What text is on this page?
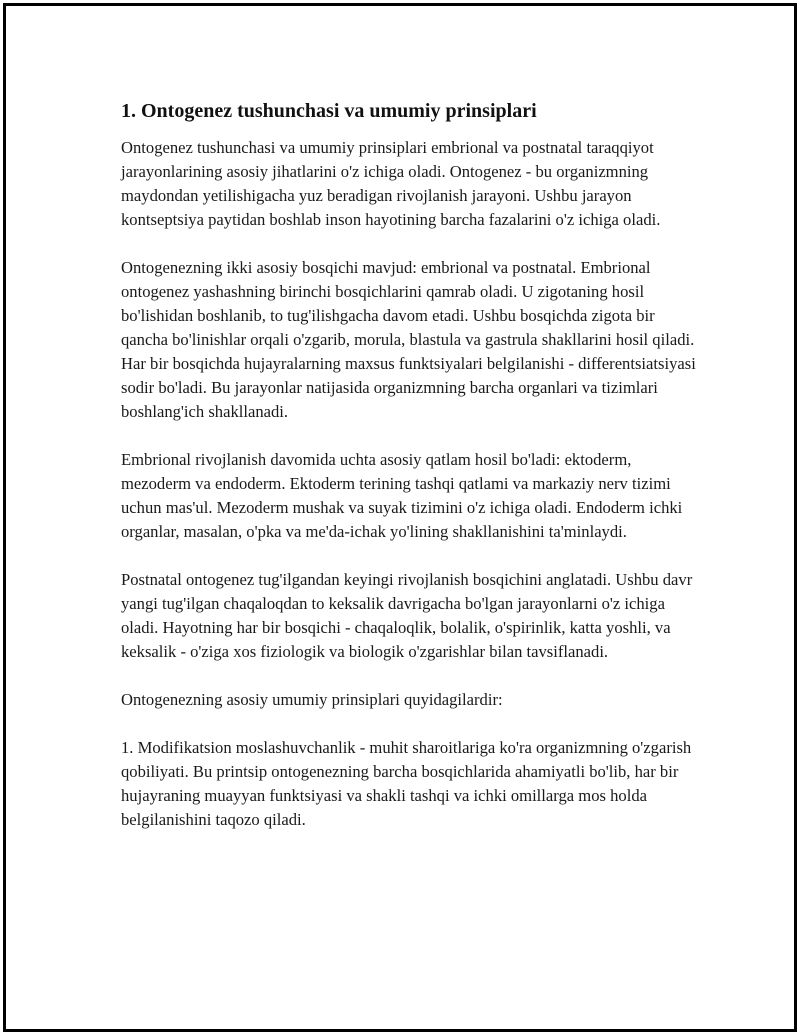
1. Ontogenez tushunchasi va umumiy prinsiplari

Ontogenez tushunchasi va umumiy prinsiplari embrional va postnatal taraqqiyot jarayonlarining asosiy jihatlarini o'z ichiga oladi. Ontogenez - bu organizmning maydondan yetilishigacha yuz beradigan rivojlanish jarayoni. Ushbu jarayon kontseptsiya paytidan boshlab inson hayotining barcha fazalarini o'z ichiga oladi.

Ontogenezning ikki asosiy bosqichi mavjud: embrional va postnatal. Embrional ontogenez yashashning birinchi bosqichlarini qamrab oladi. U zigotaning hosil bo'lishidan boshlanib, to tug'ilishgacha davom etadi. Ushbu bosqichda zigota bir qancha bo'linishlar orqali o'zgarib, morula, blastula va gastrula shakllarini hosil qiladi. Har bir bosqichda hujayralarning maxsus funktsiyalari belgilanishi - differentsiatsiyasi sodir bo'ladi. Bu jarayonlar natijasida organizmning barcha organlari va tizimlari boshlang'ich shakllanadi.

Embrional rivojlanish davomida uchta asosiy qatlam hosil bo'ladi: ektoderm, mezoderm va endoderm. Ektoderm terining tashqi qatlami va markaziy nerv tizimi uchun mas'ul. Mezoderm mushak va suyak tizimini o'z ichiga oladi. Endoderm ichki organlar, masalan, o'pka va me'da-ichak yo'lining shakllanishini ta'minlaydi.

Postnatal ontogenez tug'ilgandan keyingi rivojlanish bosqichini anglatadi. Ushbu davr yangi tug'ilgan chaqaloqdan to keksalik davrigacha bo'lgan jarayonlarni o'z ichiga oladi. Hayotning har bir bosqichi - chaqaloqlik, bolalik, o'spirinlik, katta yoshli, va keksalik - o'ziga xos fiziologik va biologik o'zgarishlar bilan tavsiflanadi.

Ontogenezning asosiy umumiy prinsiplari quyidagilardir:

1. Modifikatsion moslashuvchanlik - muhit sharoitlariga ko'ra organizmning o'zgarish qobiliyati. Bu printsip ontogenezning barcha bosqichlarida ahamiyatli bo'lib, har bir hujayraning muayyan funktsiyasi va shakli tashqi va ichki omillarga mos holda belgilanishini taqozo qiladi.
